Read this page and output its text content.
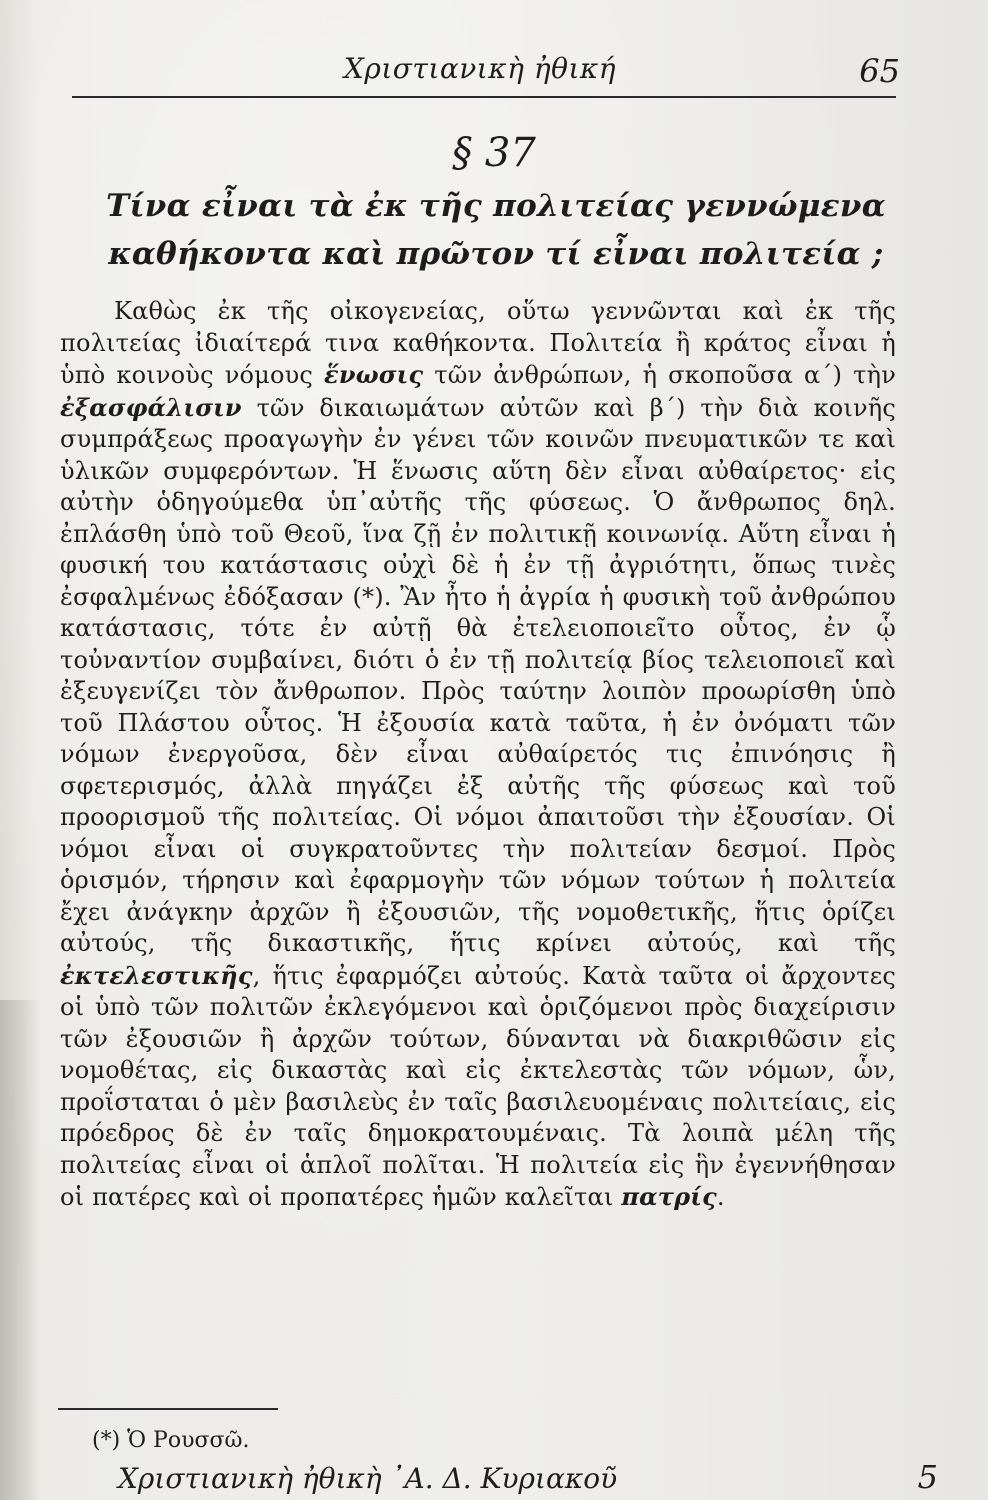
Χριστιανικὴ ἠθική	65
§ 37
Τίνα εἶναι τὰ ἐκ τῆς πολιτείας γεννώμενα καθήκοντα καὶ πρῶτον τί εἶναι πολιτεία ;

Καθὼς ἐκ τῆς οἰκογενείας, οὕτω γεννῶνται καὶ ἐκ τῆς πολιτείας ἰδιαίτερά τινα καθήκοντα. Πολιτεία ἢ κράτος εἶναι ἡ ὑπὸ κοινοὺς νόμους ἕνωσις τῶν ἀνθρώπων, ἡ σκοποῦσα α΄) τὴν ἐξασφάλισιν τῶν δικαιωμάτων αὐτῶν καὶ β΄) τὴν διὰ κοινῆς συμπράξεως προαγωγὴν ἐν γένει τῶν κοινῶν πνευματικῶν τε καὶ ὑλικῶν συμφερόντων. Ἡ ἕνωσις αὕτη δὲν εἶναι αὐθαίρετος· εἰς αὐτὴν ὁδηγούμεθα ὑπ᾽αὐτῆς τῆς φύσεως. Ὁ ἄνθρωπος δηλ. ἐπλάσθη ὑπὸ τοῦ Θεοῦ, ἵνα ζῇ ἐν πολιτικῇ κοινωνίᾳ. Αὕτη εἶναι ἡ φυσική του κατάστασις οὐχὶ δὲ ἡ ἐν τῇ ἀγριότητι, ὅπως τινὲς ἐσφαλμένως ἐδόξασαν (*). Ἂν ἦτο ἡ ἀγρία ἡ φυσικὴ τοῦ ἀνθρώπου κατάστασις, τότε ἐν αὐτῇ θὰ ἐτελειοποιεῖτο οὗτος, ἐν ᾧ τοὐναντίον συμβαίνει, διότι ὁ ἐν τῇ πολιτείᾳ βίος τελειοποιεῖ καὶ ἐξευγενίζει τὸν ἄνθρωπον. Πρὸς ταύτην λοιπὸν προωρίσθη ὑπὸ τοῦ Πλάστου οὗτος. Ἡ ἐξουσία κατὰ ταῦτα, ἡ ἐν ὀνόματι τῶν νόμων ἐνεργοῦσα, δὲν εἶναι αὐθαίρετός τις ἐπινόησις ἢ σφετερισμός, ἀλλὰ πηγάζει ἐξ αὐτῆς τῆς φύσεως καὶ τοῦ προορισμοῦ τῆς πολιτείας. Οἱ νόμοι ἀπαιτοῦσι τὴν ἐξουσίαν. Οἱ νόμοι εἶναι οἱ συγκρατοῦντες τὴν πολιτείαν δεσμοί. Πρὸς ὁρισμόν, τήρησιν καὶ ἐφαρμογὴν τῶν νόμων τούτων ἡ πολιτεία ἔχει ἀνάγκην ἀρχῶν ἢ ἐξουσιῶν, τῆς νομοθετικῆς, ἥτις ὁρίζει αὐτούς, τῆς δικαστικῆς, ἥτις κρίνει αὐτούς, καὶ τῆς ἐκτελεστικῆς, ἥτις ἐφαρμόζει αὐτούς. Κατὰ ταῦτα οἱ ἄρχοντες οἱ ὑπὸ τῶν πολιτῶν ἐκλεγόμενοι καὶ ὁριζόμενοι πρὸς διαχείρισιν τῶν ἐξουσιῶν ἢ ἀρχῶν τούτων, δύνανται νὰ διακριθῶσιν εἰς νομοθέτας, εἰς δικαστὰς καὶ εἰς ἐκτελεστὰς τῶν νόμων, ὧν, προΐσταται ὁ μὲν βασιλεὺς ἐν ταῖς βασιλευομέναις πολιτείαις, εἰς πρόεδρος δὲ ἐν ταῖς δημοκρατουμέναις. Τὰ λοιπὰ μέλη τῆς πολιτείας εἶναι οἱ ἁπλοῖ πολῖται. Ἡ πολιτεία εἰς ἣν ἐγεννήθησαν οἱ πατέρες καὶ οἱ προπατέρες ἡμῶν καλεῖται πατρίς.

(*) Ὁ Ρουσσῶ.
Χριστιανικὴ ἠθικὴ ᾽Α. Δ. Κυριακοῦ	5
